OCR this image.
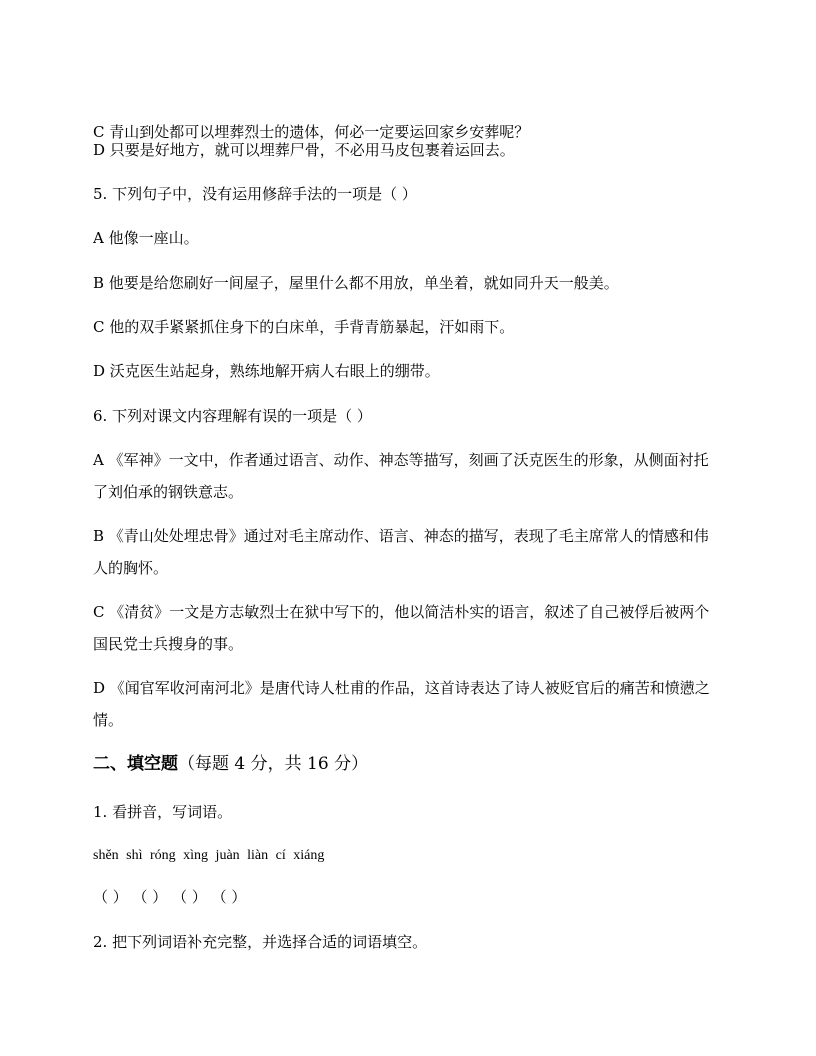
C 青山到处都可以埋葬烈士的遗体，何必一定要运回家乡安葬呢？
D 只要是好地方，就可以埋葬尸骨，不必用马皮包裹着运回去。
5. 下列句子中，没有运用修辞手法的一项是（ ）
A 他像一座山。
B 他要是给您刷好一间屋子，屋里什么都不用放，单坐着，就如同升天一般美。
C 他的双手紧紧抓住身下的白床单，手背青筋暴起，汗如雨下。
D 沃克医生站起身，熟练地解开病人右眼上的绷带。
6. 下列对课文内容理解有误的一项是（ ）
A 《军神》一文中，作者通过语言、动作、神态等描写，刻画了沃克医生的形象，从侧面衬托了刘伯承的钢铁意志。
B 《青山处处埋忠骨》通过对毛主席动作、语言、神态的描写，表现了毛主席常人的情感和伟人的胸怀。
C 《清贫》一文是方志敏烈士在狱中写下的，他以简洁朴实的语言，叙述了自己被俘后被两个国民党士兵搜身的事。
D 《闻官军收河南河北》是唐代诗人杜甫的作品，这首诗表达了诗人被贬官后的痛苦和愤懑之情。
二、填空题（每题 4 分，共 16 分）
1. 看拼音，写词语。
shěn shì róng xìng juàn liàn cí xiáng
（ ） （ ） （ ） （ ）
2. 把下列词语补充完整，并选择合适的词语填空。
